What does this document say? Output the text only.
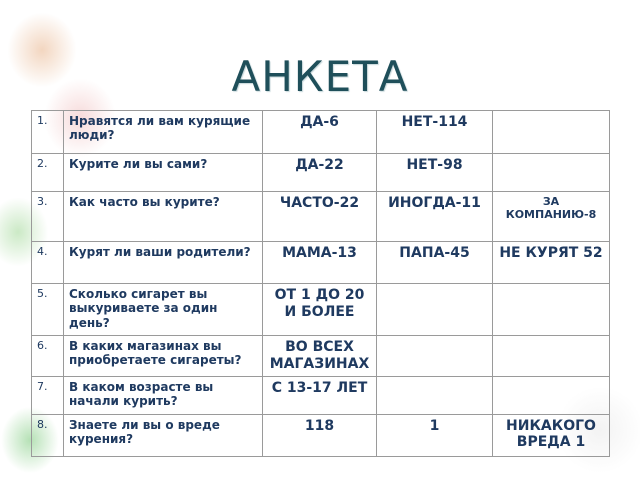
АНКЕТА
1.	Нравятся ли вам курящие люди?	ДА-6	НЕТ-114	
2.	Курите ли вы сами?	ДА-22	НЕТ-98	
3.	Как часто вы курите?	ЧАСТО-22	ИНОГДА-11	ЗА КОМПАНИЮ-8
4.	Курят ли ваши родители?	МАМА-13	ПАПА-45	НЕ КУРЯТ 52
5.	Сколько сигарет вы выкуриваете за один день?	ОТ 1 ДО 20 И БОЛЕЕ		
6.	В каких магазинах вы приобретаете сигареты?	ВО ВСЕХ МАГАЗИНАХ		
7.	В каком возрасте вы начали курить?	С 13-17 ЛЕТ		
8.	Знаете ли вы о вреде курения?	118	1	НИКАКОГО ВРЕДА 1
